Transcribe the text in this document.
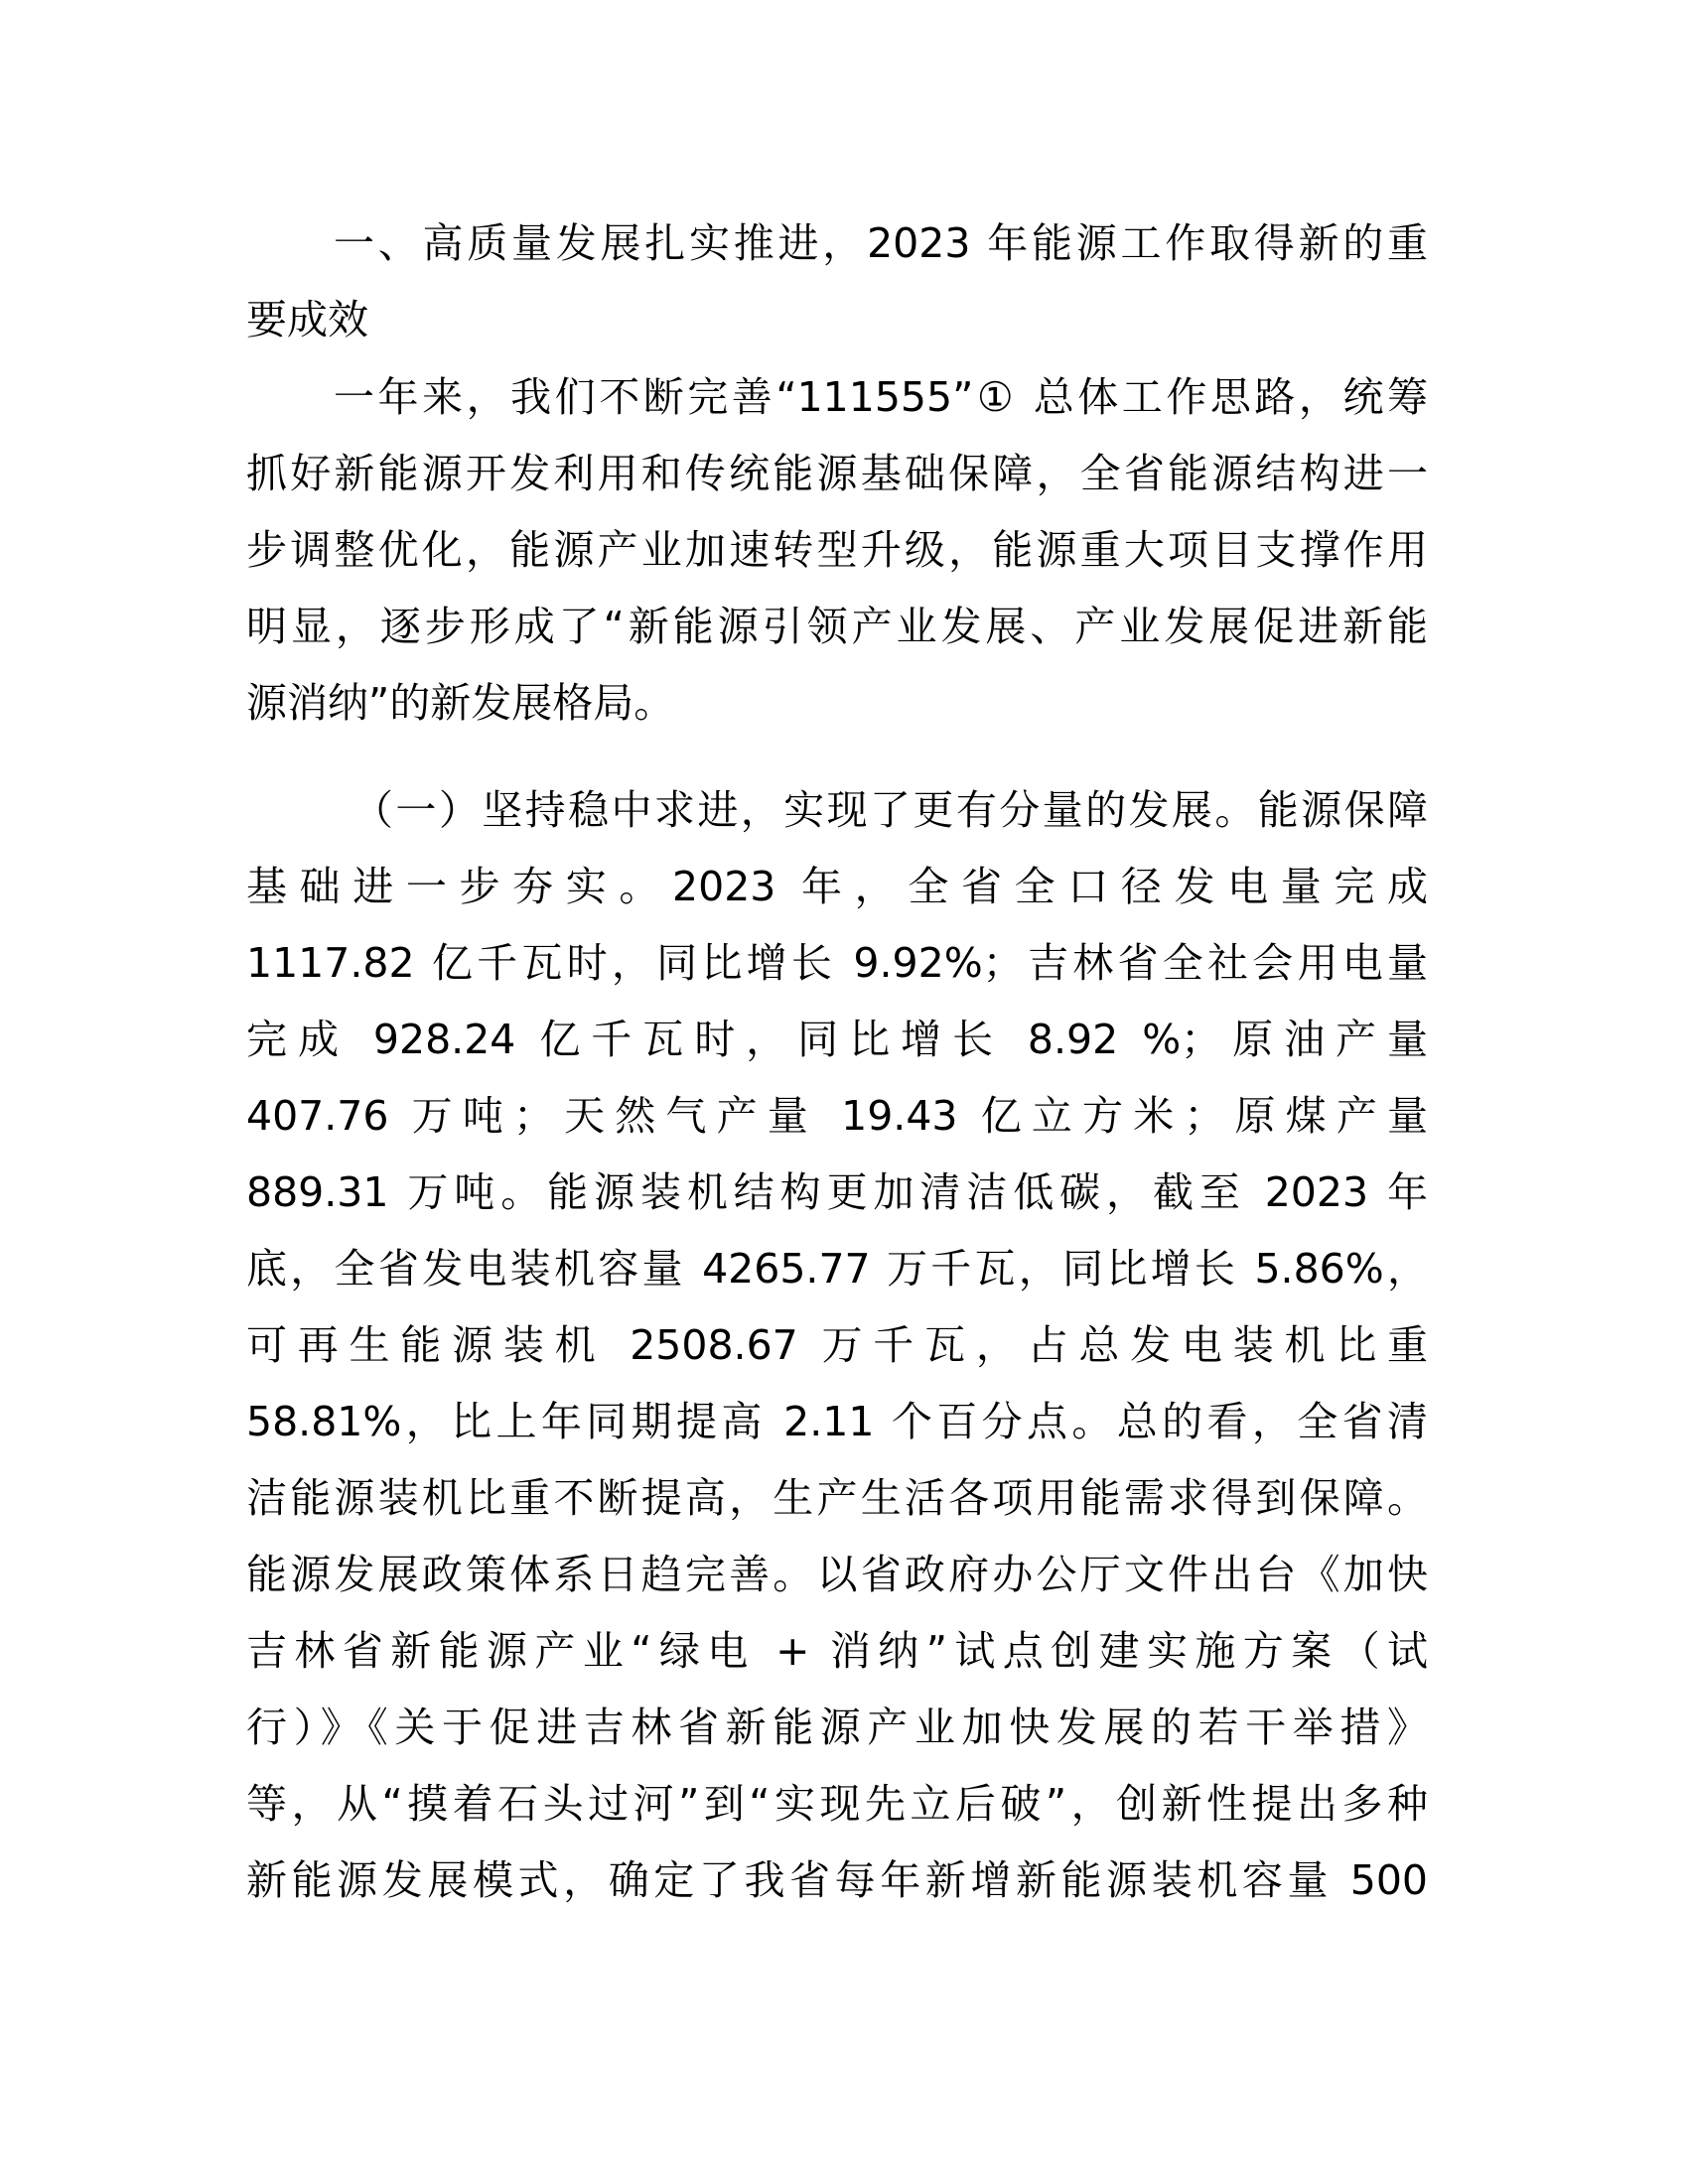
一、高质量发展扎实推进，2023 年能源工作取得新的重
要成效
一年来，我们不断完善“111555”① 总体工作思路，统筹
抓好新能源开发利用和传统能源基础保障，全省能源结构进一
步调整优化，能源产业加速转型升级，能源重大项目支撑作用
明显，逐步形成了“新能源引领产业发展、产业发展促进新能
源消纳”的新发展格局。
（一）坚持稳中求进，实现了更有分量的发展。能源保障
基础进一步夯实。2023 年，全省全口径发电量完成
1117.82 亿千瓦时，同比增长 9.92%；吉林省全社会用电量
完成 928.24 亿千瓦时，同比增长 8.92 %；原油产量
407.76 万吨；天然气产量 19.43 亿立方米；原煤产量
889.31 万吨。能源装机结构更加清洁低碳，截至 2023 年
底，全省发电装机容量 4265.77 万千瓦，同比增长 5.86%，
可再生能源装机 2508.67 万千瓦，占总发电装机比重
58.81%，比上年同期提高 2.11 个百分点。总的看，全省清
洁能源装机比重不断提高，生产生活各项用能需求得到保障。
能源发展政策体系日趋完善。以省政府办公厅文件出台《加快
吉林省新能源产业“绿电 + 消纳”试点创建实施方案（试
行）》《关于促进吉林省新能源产业加快发展的若干举措》
等，从“摸着石头过河”到“实现先立后破”，创新性提出多种
新能源发展模式，确定了我省每年新增新能源装机容量 500
